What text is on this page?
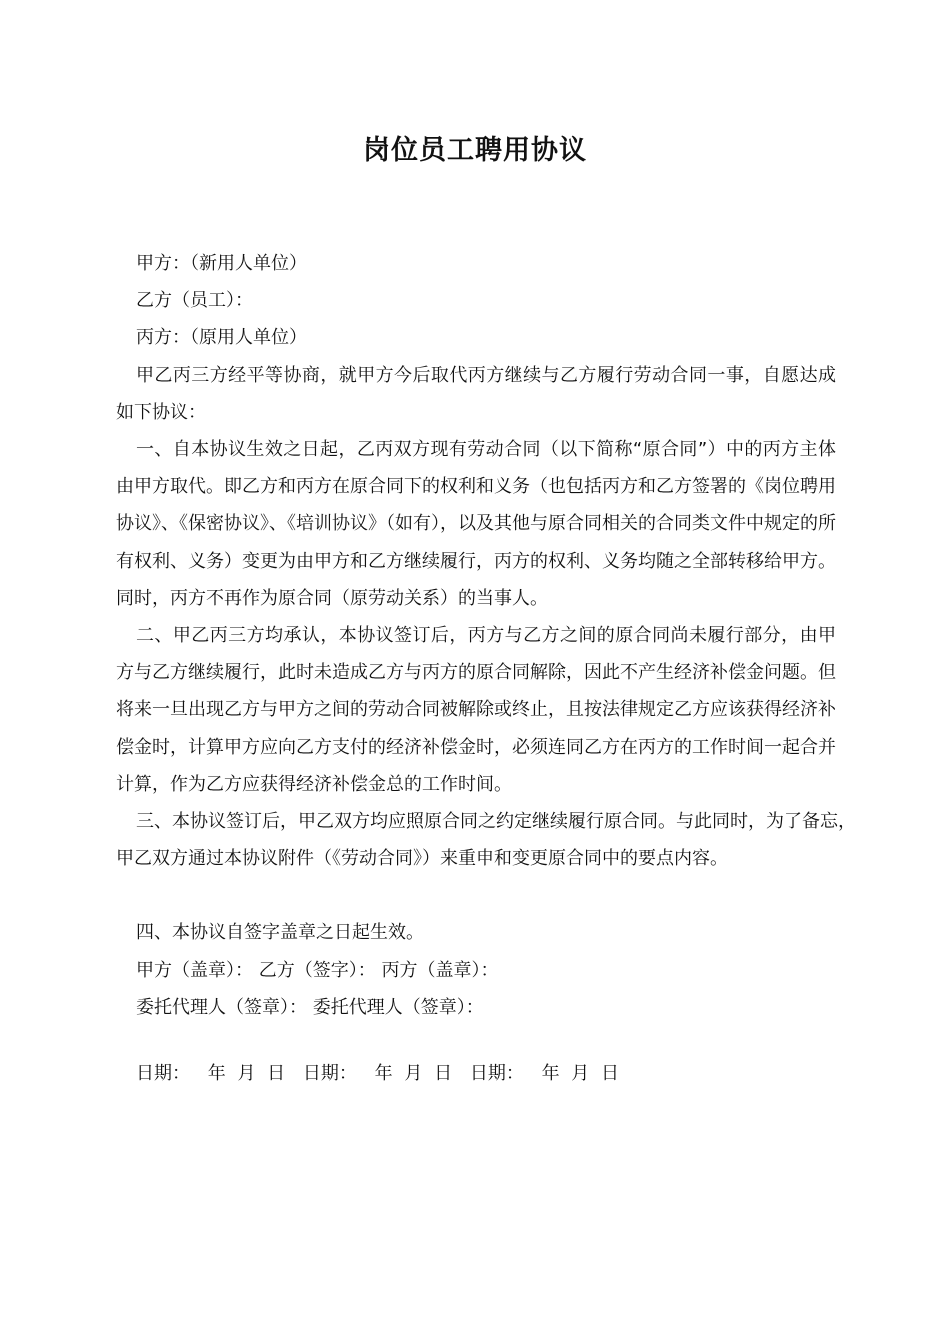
岗位员工聘用协议

甲方：（新用人单位）

乙方（员工）：

丙方：（原用人单位）

甲乙丙三方经平等协商，就甲方今后取代丙方继续与乙方履行劳动合同一事，自愿达成如下协议：

一、自本协议生效之日起，乙丙双方现有劳动合同（以下简称“原合同”）中的丙方主体由甲方取代。即乙方和丙方在原合同下的权利和义务（也包括丙方和乙方签署的《岗位聘用协议》、《保密协议》、《培训协议》（如有），以及其他与原合同相关的合同类文件中规定的所有权利、义务）变更为由甲方和乙方继续履行，丙方的权利、义务均随之全部转移给甲方。同时，丙方不再作为原合同（原劳动关系）的当事人。

二、甲乙丙三方均承认，本协议签订后，丙方与乙方之间的原合同尚未履行部分，由甲方与乙方继续履行，此时未造成乙方与丙方的原合同解除，因此不产生经济补偿金问题。但将来一旦出现乙方与甲方之间的劳动合同被解除或终止，且按法律规定乙方应该获得经济补偿金时，计算甲方应向乙方支付的经济补偿金时，必须连同乙方在丙方的工作时间一起合并计算，作为乙方应获得经济补偿金总的工作时间。

三、本协议签订后，甲乙双方均应照原合同之约定继续履行原合同。与此同时，为了备忘，甲乙双方通过本协议附件（《劳动合同》）来重申和变更原合同中的要点内容。

四、本协议自签字盖章之日起生效。

甲方（盖章）： 乙方（签字）： 丙方（盖章）：
委托代理人（签章）： 委托代理人（签章）：
日期： 年 月 日 日期： 年 月 日 日期： 年 月 日
